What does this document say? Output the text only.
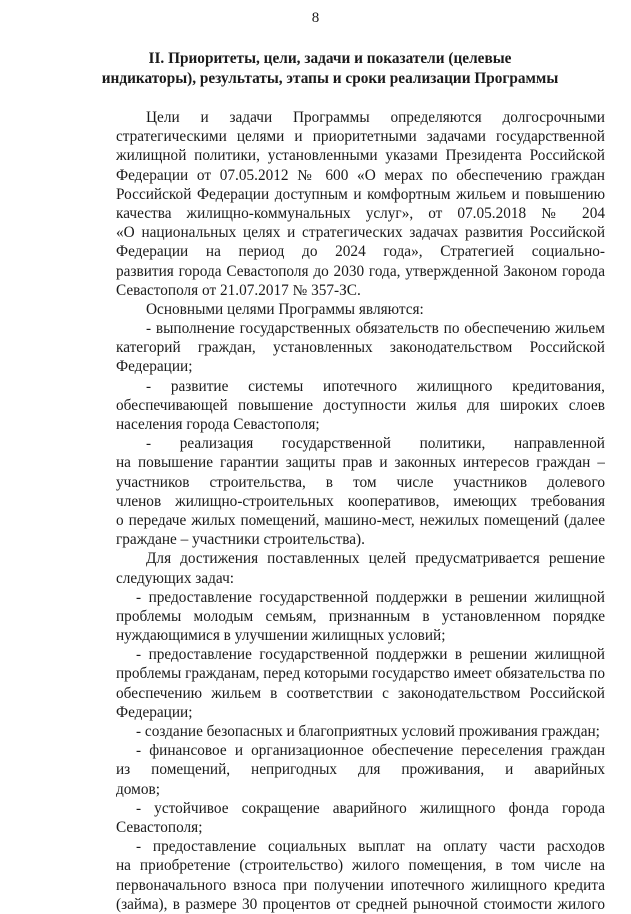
8
II. Приоритеты, цели, задачи и показатели (целевые
индикаторы), результаты, этапы и сроки реализации Программы
Цели и задачи Программы определяются долгосрочными
стратегическими целями и приоритетными задачами государственной
жилищной политики, установленными указами Президента Российской
Федерации от 07.05.2012 № 600 «О мерах по обеспечению граждан
Российской Федерации доступным и комфортным жильем и повышению
качества жилищно-коммунальных услуг», от 07.05.2018 № 204
«О национальных целях и стратегических задачах развития Российской
Федерации на период до 2024 года», Стратегией социально-
развития города Севастополя до 2030 года, утвержденной Законом города
Севастополя от 21.07.2017 № 357-ЗС.
Основными целями Программы являются:
- выполнение государственных обязательств по обеспечению жильем
категорий граждан, установленных законодательством Российской
Федерации;
- развитие системы ипотечного жилищного кредитования,
обеспечивающей повышение доступности жилья для широких слоев
населения города Севастополя;
- реализация государственной политики, направленной
на повышение гарантии защиты прав и законных интересов граждан –
участников строительства, в том числе участников долевого
членов жилищно-строительных кооперативов, имеющих требования
о передаче жилых помещений, машино-мест, нежилых помещений (далее
граждане – участники строительства).
Для достижения поставленных целей предусматривается решение
следующих задач:
- предоставление государственной поддержки в решении жилищной
проблемы молодым семьям, признанным в установленном порядке
нуждающимися в улучшении жилищных условий;
- предоставление государственной поддержки в решении жилищной
проблемы гражданам, перед которыми государство имеет обязательства по
обеспечению жильем в соответствии с законодательством Российской
Федерации;
- создание безопасных и благоприятных условий проживания граждан;
- финансовое и организационное обеспечение переселения граждан
из помещений, непригодных для проживания, и аварийных
домов;
- устойчивое сокращение аварийного жилищного фонда города
Севастополя;
- предоставление социальных выплат на оплату части расходов
на приобретение (строительство) жилого помещения, в том числе на
первоначального взноса при получении ипотечного жилищного кредита
(займа), в размере 30 процентов от средней рыночной стоимости жилого
